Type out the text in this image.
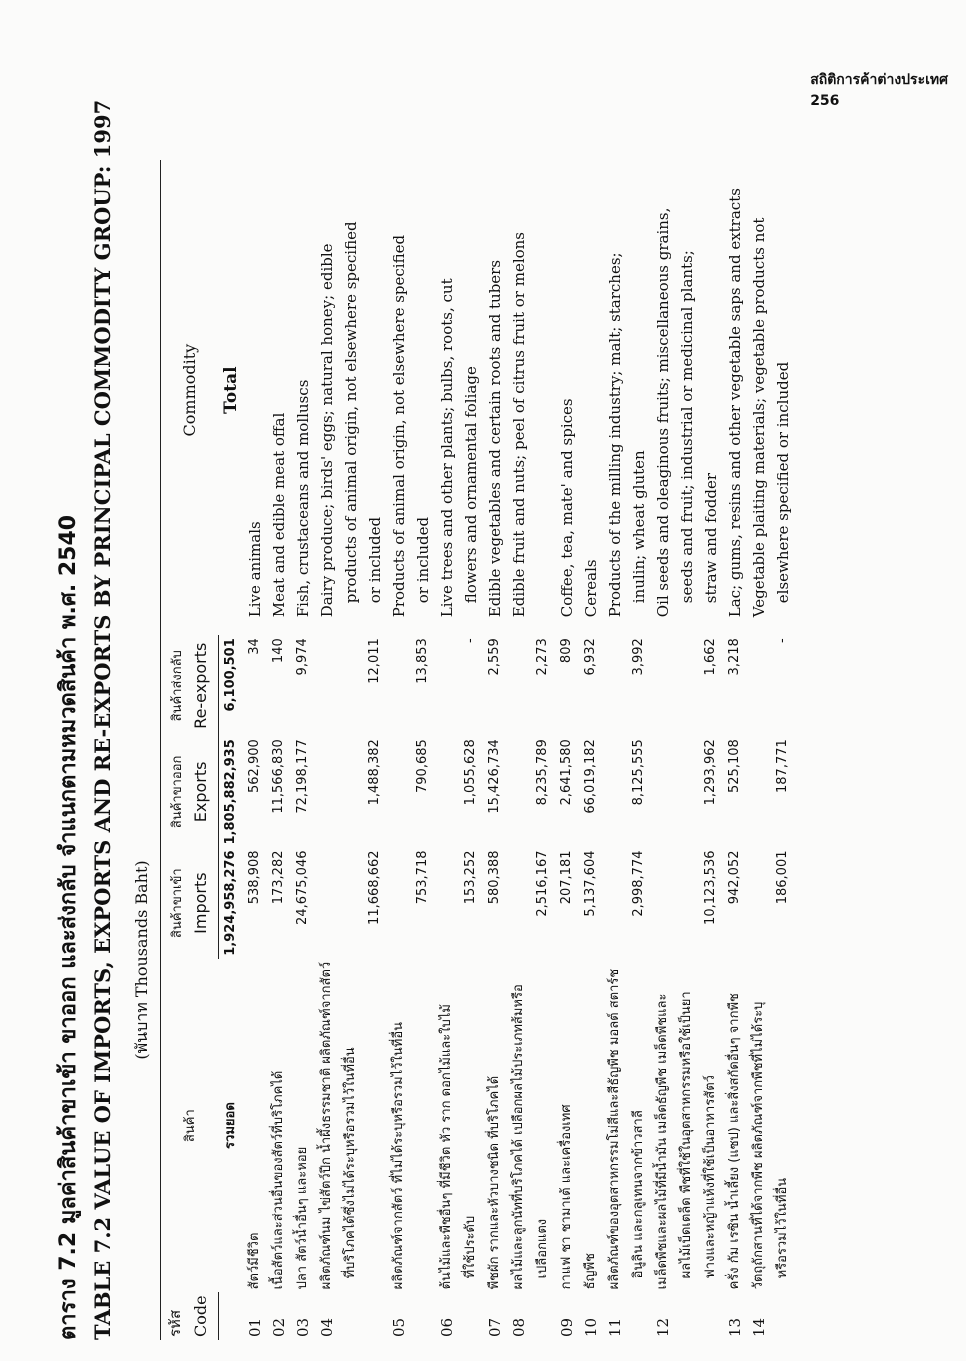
สถิติการค้าต่างประเทศ
256
ตาราง 7.2 มูลค่าสินค้าขาเข้า ขาออก และส่งกลับ จำแนกตามหมวดสินค้า พ.ศ. 2540 TABLE 7.2 VALUE OF IMPORTS, EXPORTS AND RE-EXPORTS BY PRINCIPAL COMMODITY GROUP: 1997 (พันบาท Thousands Baht)
รหัส	สินค้า	สินค้าขาเข้า	สินค้าขาออก	สินค้าส่งกลับ	Commodity
Code		Imports	Exports	Re-exports	
	รวมยอด	1,924,958,276	1,805,882,935	6,100,501	Total
01	สัตว์มีชีวิต	538,908	562,900	34	Live animals
02	เนื้อสัตว์และส่วนอื่นของสัตว์ที่บริโภคได้	173,282	11,566,830	140	Meat and edible meat offal
03	ปลา สัตว์น้ำอื่นๆ และหอย	24,675,046	72,198,177	9,974	Fish, crustaceans and molluscs
04	ผลิตภัณฑ์นม ไข่สัตว์ปีก น้ำผึ้งธรรมชาติ ผลิตภัณฑ์จากสัตว์				Dairy produce; birds' eggs; natural honey; edible
	ที่บริโภคได้ซึ่งไม่ได้ระบุหรือรวมไว้ในที่อื่น				products of animal origin, not elsewhere specified
		11,668,662	1,488,382	12,011	or included
05	ผลิตภัณฑ์จากสัตว์ ที่ไม่ได้ระบุหรือรวมไว้ในที่อื่น				Products of animal origin, not elsewhere specified
		753,718	790,685	13,853	or included
06	ต้นไม้และพืชอื่นๆ ที่มีชีวิต หัว ราก ดอกไม้และใบไม้				Live trees and other plants; bulbs, roots, cut
	ที่ใช้ประดับ	153,252	1,055,628	-	flowers and ornamental foliage
07	พืชผัก รากและหัวบางชนิด ที่บริโภคได้	580,388	15,426,734	2,559	Edible vegetables and certain roots and tubers
08	ผลไม้และลูกนัทที่บริโภคได้ เปลือกผลไม้ประเภทส้มหรือ				Edible fruit and nuts; peel of citrus fruit or melons
	เปลือกแตง	2,516,167	8,235,789	2,273	
09	กาแฟ ชา ชามาเต้ และเครื่องเทศ	207,181	2,641,580	809	Coffee, tea, mate' and spices
10	ธัญพืช	5,137,604	66,019,182	6,932	Cereals
11	ผลิตภัณฑ์ของอุตสาหกรรมโม่สีและสีธัญพืช มอลต์ สตาร์ช				Products of the milling industry; malt; starches;
	อินูลิน และกลูเทนจากข้าวสาลี	2,998,774	8,125,555	3,992	inulin; wheat gluten
12	เมล็ดพืชและผลไม้ที่มีน้ำมัน เมล็ดธัญพืช เมล็ดพืชและ				Oil seeds and oleaginous fruits; miscellaneous grains,
	ผลไม้เบ็ดเตล็ด พืชที่ใช้ในอุตสาหกรรมหรือใช้เป็นยา				seeds and fruit; industrial or medicinal plants;
	ฟางและหญ้าแห้งที่ใช้เป็นอาหารสัตว์	10,123,536	1,293,962	1,662	straw and fodder
13	ครั่ง กัม เรซิน น้ำเลี้ยง (แซป) และสิ่งสกัดอื่นๆ จากพืช	942,052	525,108	3,218	Lac; gums, resins and other vegetable saps and extracts
14	วัตถุถักสานที่ได้จากพืช ผลิตภัณฑ์จากพืชที่ไม่ได้ระบุ				Vegetable plaiting materials; vegetable products not
	หรือรวมไว้ในที่อื่น	186,001	187,771	-	elsewhere specified or included
